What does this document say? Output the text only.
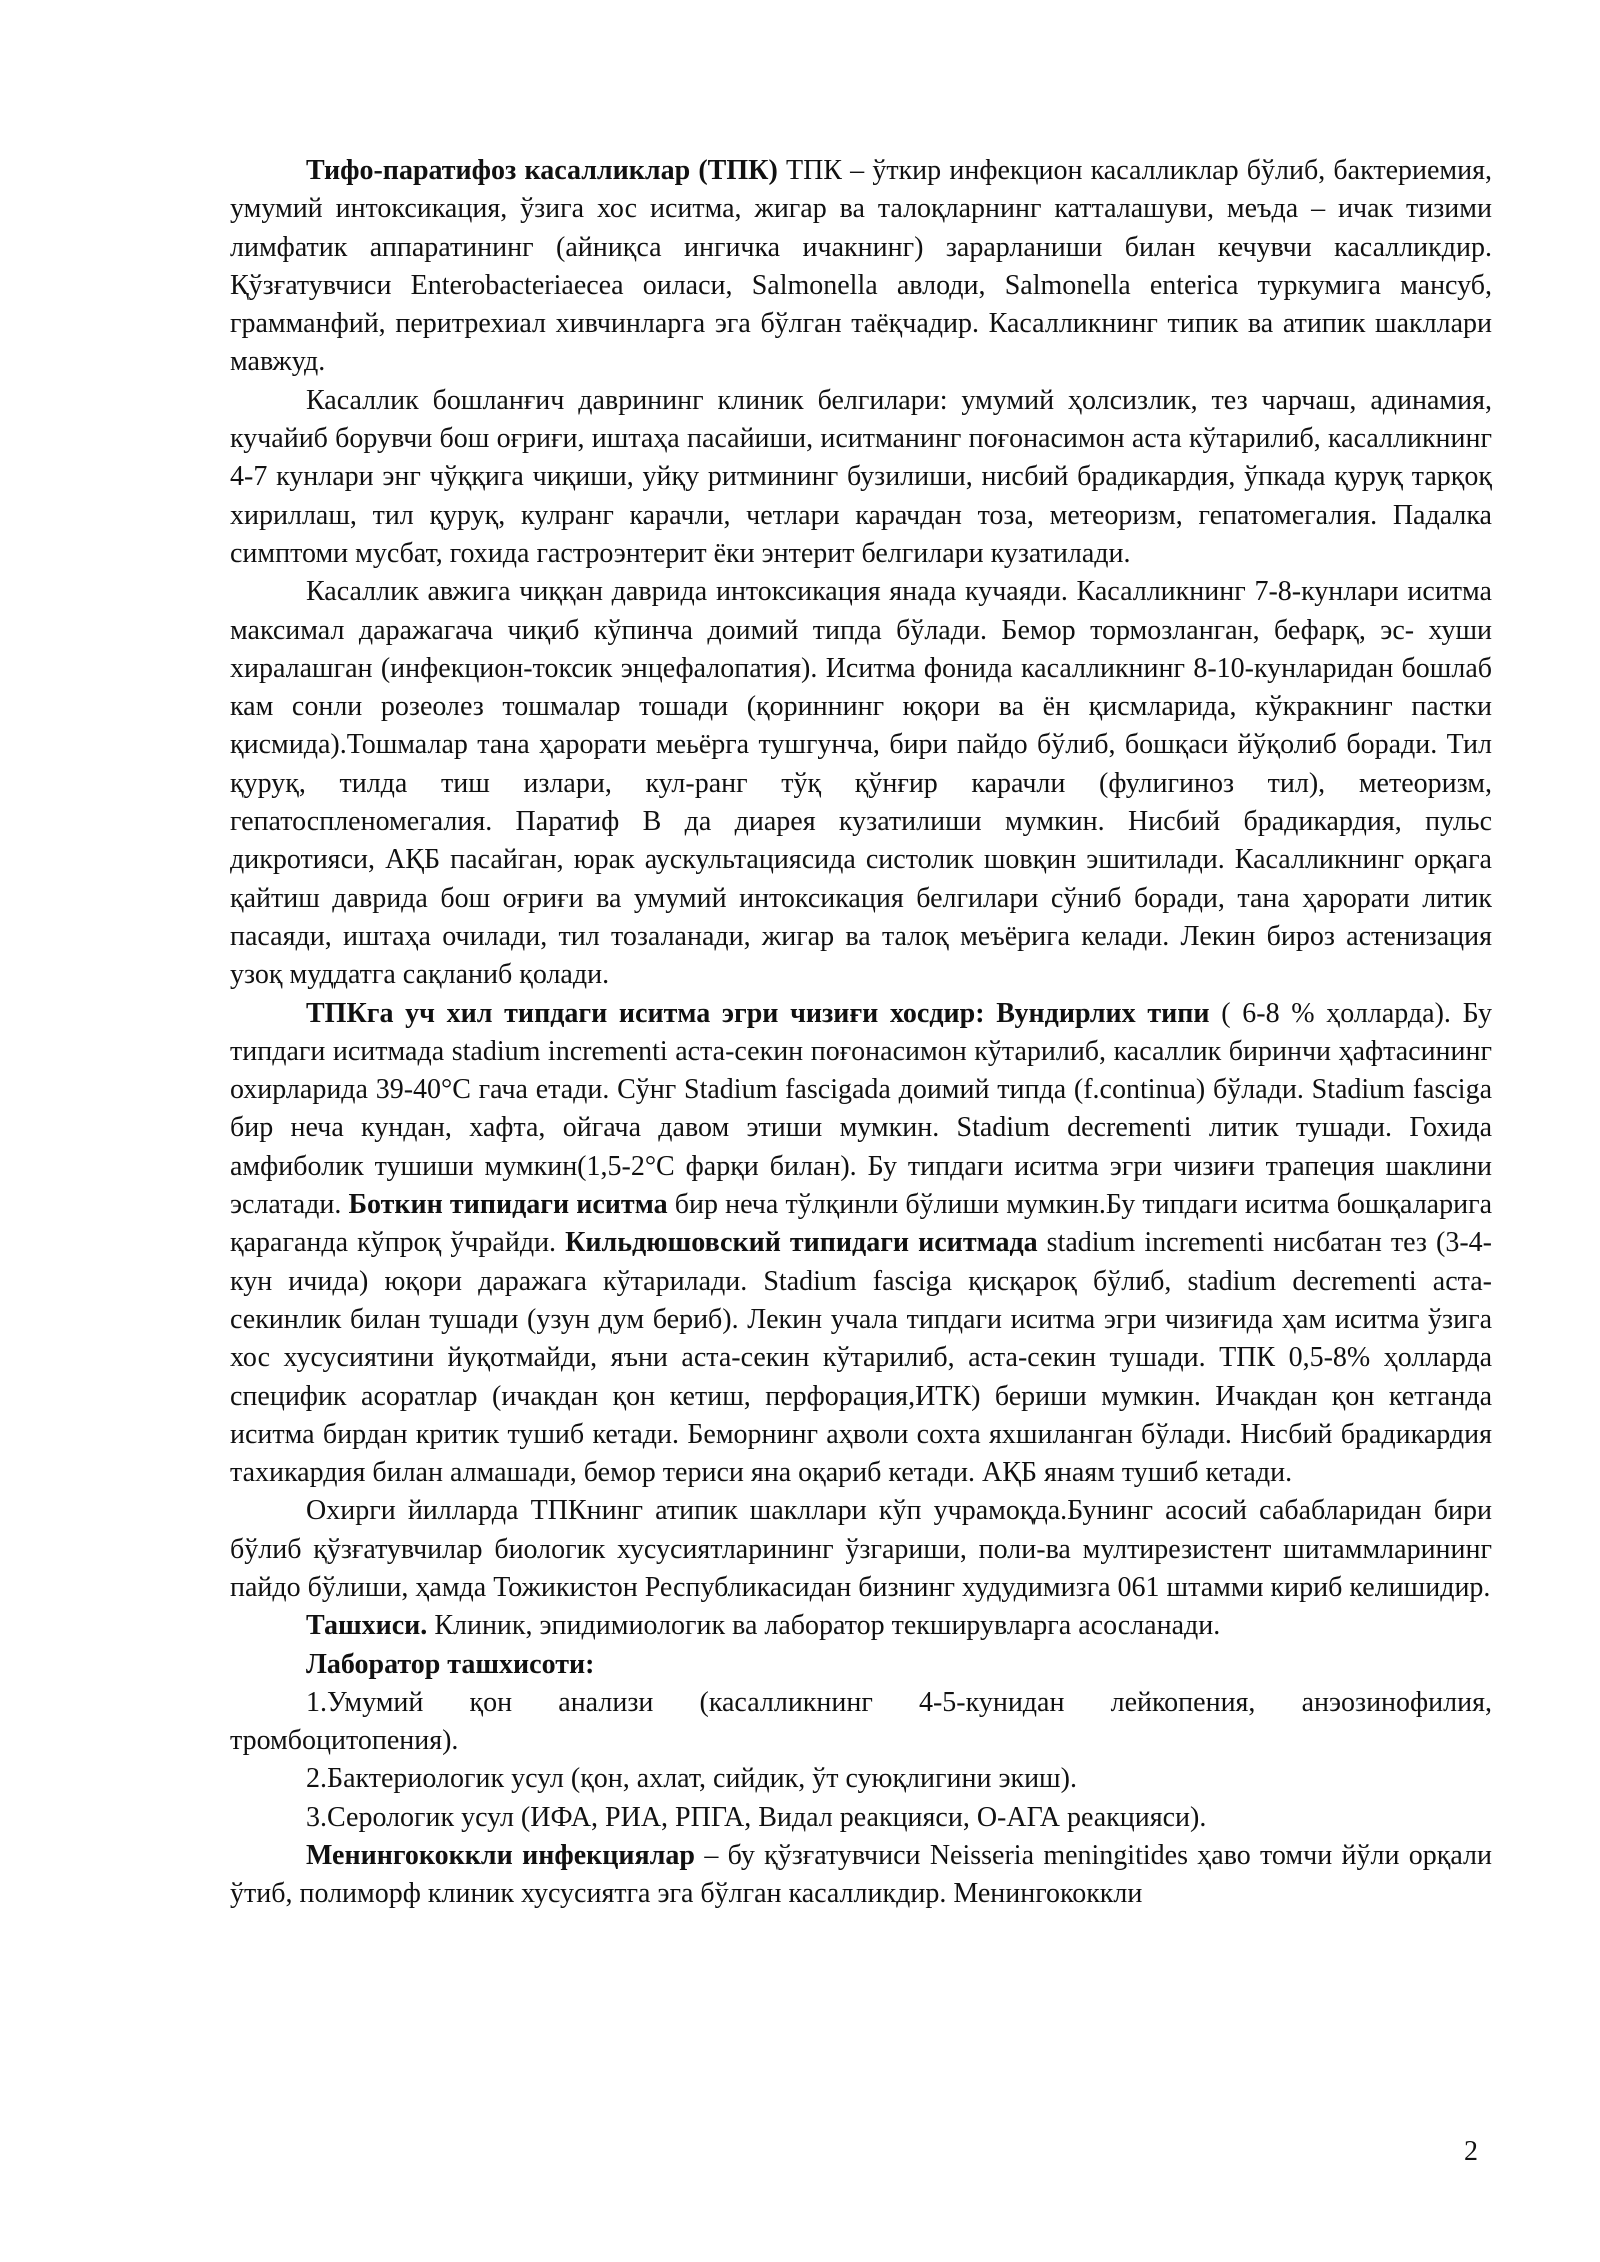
Тифо-паратифоз касалликлар (ТПК) ТПК – ўткир инфекцион касалликлар бўлиб, бактериемия, умумий интоксикация, ўзига хос иситма, жигар ва талоқларнинг катталашуви, меъда – ичак тизими лимфатик аппаратининг (айниқса ингичка ичакнинг) зарарланиши билан кечувчи касалликдир. Қўзғатувчиси Enterobacteriaecea оиласи, Salmonella авлоди, Salmonella enterica туркумига мансуб, грамманфий, перитрехиал хивчинларга эга бўлган таёқчадир. Касалликнинг типик ва атипик шакллари мавжуд.

Касаллик бошланғич даврининг клиник белгилари: умумий ҳолсизлик, тез чарчаш, адинамия, кучайиб борувчи бош оғриғи, иштаҳа пасайиши, иситманинг поғонасимон аста кўтарилиб, касалликнинг 4-7 кунлари энг чўққига чиқиши, уйқу ритмининг бузилиши, нисбий брадикардия, ўпкада қуруқ тарқоқ хириллаш, тил қуруқ, кулранг карачли, четлари карачдан тоза, метеоризм, гепатомегалия. Падалка симптоми мусбат, гохида гастроэнтерит ёки энтерит белгилари кузатилади.

Касаллик авжига чиққан даврида интоксикация янада кучаяди. Касалликнинг 7-8-кунлари иситма максимал даражагача чиқиб кўпинча доимий типда бўлади. Бемор тормозланган, бефарқ, эс- хуши хиралашган (инфекцион-токсик энцефалопатия). Иситма фонида касалликнинг 8-10-кунларидан бошлаб кам сонли розеолез тошмалар тошади (қориннинг юқори ва ён қисмларида, кўкракнинг пастки қисмида).Тошмалар тана ҳарорати меьёрга тушгунча, бири пайдо бўлиб, бошқаси йўқолиб боради. Тил қуруқ, тилда тиш излари, кул-ранг тўқ қўнғир карачли (фулигиноз тил), метеоризм, гепатоспленомегалия. Паратиф В да диарея кузатилиши мумкин. Нисбий брадикардия, пульс дикротияси, АҚБ пасайган, юрак аускультациясида систолик шовқин эшитилади. Касалликнинг орқага қайтиш даврида бош оғриғи ва умумий интоксикация белгилари сўниб боради, тана ҳарорати литик пасаяди, иштаҳа очилади, тил тозаланади, жигар ва талоқ меъёрига келади. Лекин бироз астенизация узоқ муддатга сақланиб қолади.

ТПКга уч хил типдаги иситма эгри чизиғи хосдир: Вундирлих типи ( 6-8 % ҳолларда). Бу типдаги иситмада stadium incrementi аста-секин поғонасимон кўтарилиб, касаллик биринчи ҳафтасининг охирларида 39-40°С гача етади. Сўнг Stadium fascigada доимий типда (f.continua) бўлади. Stadium fasciga бир неча кундан, хафта, ойгача давом этиши мумкин. Stadium decrementi литик тушади. Гохида амфиболик тушиши мумкин(1,5-2°С фарқи билан). Бу типдаги иситма эгри чизиғи трапеция шаклини эслатади. Боткин типидаги иситма бир неча тўлқинли бўлиши мумкин.Бу типдаги иситма бошқаларига қараганда кўпроқ ўчрайди. Кильдюшовский типидаги иситмада stadium incrementi нисбатан тез (3-4-кун ичида) юқори даражага кўтарилади. Stadium fasciga қисқароқ бўлиб, stadium decrementi аста- секинлик билан тушади (узун дум бериб). Лекин учала типдаги иситма эгри чизиғида ҳам иситма ўзига хос хусусиятини йуқотмайди, яъни аста-секин кўтарилиб, аста-секин тушади. ТПК 0,5-8% ҳолларда специфик асоратлар (ичакдан қон кетиш, перфорация,ИТК) бериши мумкин. Ичакдан қон кетганда иситма бирдан критик тушиб кетади. Беморнинг аҳволи сохта яхшиланган бўлади. Нисбий брадикардия тахикардия билан алмашади, бемор териси яна оқариб кетади. АҚБ янаям тушиб кетади.

Охирги йилларда ТПКнинг атипик шакллари кўп учрамоқда.Бунинг асосий сабабларидан бири бўлиб қўзғатувчилар биологик хусусиятларининг ўзгариши, поли-ва мултирезистент шитаммларининг пайдо бўлиши, ҳамда Тожикистон Республикасидан бизнинг худудимизга 061 штамми кириб келишидир.

Ташхиси. Клиник, эпидимиологик ва лаборатор текширувларга асосланади.

Лаборатор ташхисоти:

1.Умумий қон анализи (касалликнинг 4-5-кунидан лейкопения, анэозинофилия, тромбоцитопения).

2.Бактериологик усул (қон, ахлат, сийдик, ўт суюқлигини экиш).

3.Серологик усул (ИФА, РИА, РПГА, Видал реакцияси, О-АГА реакцияси).

Менингококкли инфекциялар – бу қўзғатувчиси Neisseria meningitides ҳаво томчи йўли орқали ўтиб, полиморф клиник хусусиятга эга бўлган касалликдир. Менингококкли

2
